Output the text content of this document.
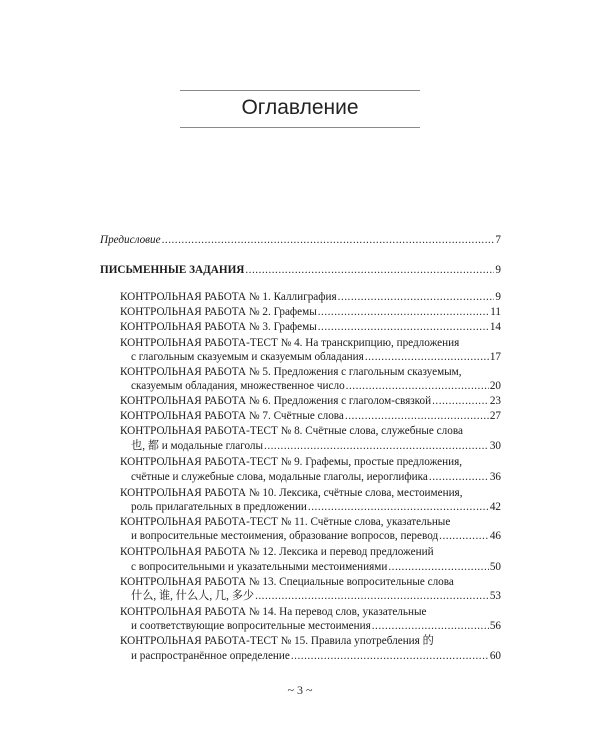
Оглавление
Предисловие .....	7
ПИСЬМЕННЫЕ ЗАДАНИЯ .....	9
КОНТРОЛЬНАЯ РАБОТА № 1. Каллиграфия .....	9
КОНТРОЛЬНАЯ РАБОТА № 2. Графемы .....	11
КОНТРОЛЬНАЯ РАБОТА № 3. Графемы .....	14
КОНТРОЛЬНАЯ РАБОТА-ТЕСТ № 4. На транскрипцию, предложения
с глагольным сказуемым и сказуемым обладания .....	17
КОНТРОЛЬНАЯ РАБОТА № 5. Предложения с глагольным сказуемым,
сказуемым обладания, множественное число .....	20
КОНТРОЛЬНАЯ РАБОТА № 6. Предложения с глаголом-связкой .....	23
КОНТРОЛЬНАЯ РАБОТА № 7. Счётные слова .....	27
КОНТРОЛЬНАЯ РАБОТА-ТЕСТ № 8. Счётные слова, служебные слова
也, 都 и модальные глаголы .....	30
КОНТРОЛЬНАЯ РАБОТА-ТЕСТ № 9. Графемы, простые предложения,
счётные и служебные слова, модальные глаголы, иероглифика .....	36
КОНТРОЛЬНАЯ РАБОТА № 10. Лексика, счётные слова, местоимения,
роль прилагательных в предложении .....	42
КОНТРОЛЬНАЯ РАБОТА-ТЕСТ № 11. Счётные слова, указательные
и вопросительные местоимения, образование вопросов, перевод .....	46
КОНТРОЛЬНАЯ РАБОТА № 12. Лексика и перевод предложений
с вопросительными и указательными местоимениями .....	50
КОНТРОЛЬНАЯ РАБОТА № 13. Специальные вопросительные слова
什么, 谁, 什么人, 几, 多少 .....	53
КОНТРОЛЬНАЯ РАБОТА № 14. На перевод слов, указательные
и соответствующие вопросительные местоимения .....	56
КОНТРОЛЬНАЯ РАБОТА-ТЕСТ № 15. Правила употребления 的
и распространённое определение .....	60
~ 3 ~
